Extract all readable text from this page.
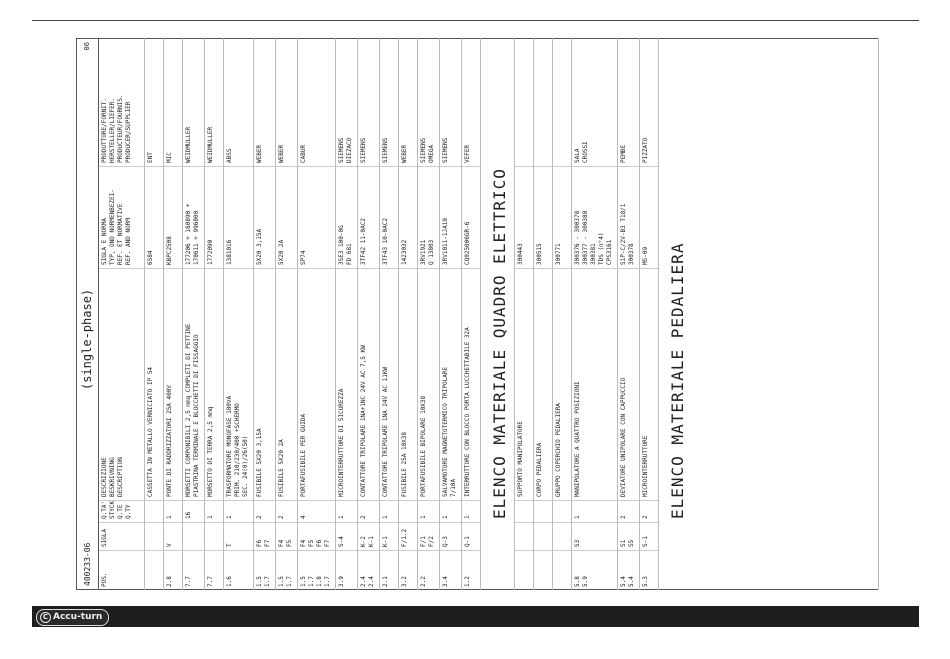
400233-06
(single-phase)
06
POS.
SIGLA
Q.TA'
STYCK
Q.TE
Q.TY
DESCRIZIONE
BESKRIVNING
DESCRIPTION
SIGLA E NORMA
TYP, OND NORMENBEZEI-
REF. ET NORMATIVE
REF. AND NORM
PRODUTTORE/FORNIT.
HERSTELLER/LIEFER.
PRODUCTEUR/FOURNIS.
PRODUCER/SUPPLIER
CASSETTA IN METALLO VERNICIATO IP 54
6584
ENT
2.8
V
1
PONTE DI RADDRIZZATORI 25A 400V
KBPC2508
MIC
7.7
16
MORSETTI COMPONIBILI 2,5 mmq COMPLETI DI PETTINE
PIASTRINA TERMINALE E BLOCCHETTI DI FISSAGGIO
177206 + 160890 +
170611 + 996000
WEIDMULLER
7.7
1
MORSETTO DI TERRA 2,5 mmq
1772090
WEIDMULLER
1.6
T
1
TRASFORMATORE MONOFASE 100VA
PRIM. 210/230/400 +SCHERMO
SEC. 24(0)/26(50)
1381016
ABSS
1.5
1.7
F6
F7
2
FUSIBILE 5X20 3,15A
5X20 3,15A
WEBER
1.5
1.7
F4
F5
2
FUSIBILE 5X20 2A
5X20 2A
WEBER
1.5
1.7
1.8
1.7
F4
F5
F6
F7
4
PORTAFUSIBILE PER GUIDA
SP74
CABUR
3.9
S-4
1
MICROINTERRUTTORE DI SICUREZZA
3SE3 100-0G
FD 681
SIEMENS
DIEZACO
2.4
2.4
K-2
K-1
2
CONTATTORE TRIPOLARE 1NA+1NC 24V AC 7,5 KW
3TF42 11-0AC2
SIEMENS
2.1
K-1
1
CONTATTORE TRIPOLARE 1NA 24V AC 11KW
3TF43 10-0AC2
SIEMENS
3.2
F/1.2
FUSIBILE 25A 10X38
1423032
WEBER
2.2
F/1
F/2
1
PORTAFUSIBILE BIPOLARE 10X38
3RV1921
Q 13803
SIEMENS
OMEGA
3.4
Q-3
1
SALVAMOTORE MAGNETOTERMICO TRIPOLARE
7/10A
3RV1011-1JA10
SIEMENS
1.2
Q-1
1
INTERRUTTORE CON BLOCCO PORTA LUCCHETTABILE 32A
CQ025006GR-6
VEFER
ELENCO MATERIALE QUADRO ELETTRICO	SUPPORTO MANIPOLATORE
300443
CORPO PEDALIERA
300515
GRUPPO COPERCHIO PEDALIERA
300771
5.8
5.9
S3
1
MANIPOLATORE A QUATTRO POSIZIONI
300376 - 300378
300377 - 300380
300381
TDS (n°4)
CPS3161
SALA
CROSSI
5.4
5.4
S1
S5
2
DEVIATORE UNIPOLARE CON CAPPUCCIO
S1P-C/2V-B3 T18/1
300378
PEMBE
5.3
S-1
2
MICROINTERRUTTORE
MS-09
PIZZATO
ELENCO MATERIALE PEDALIERA
C Accu-turn
